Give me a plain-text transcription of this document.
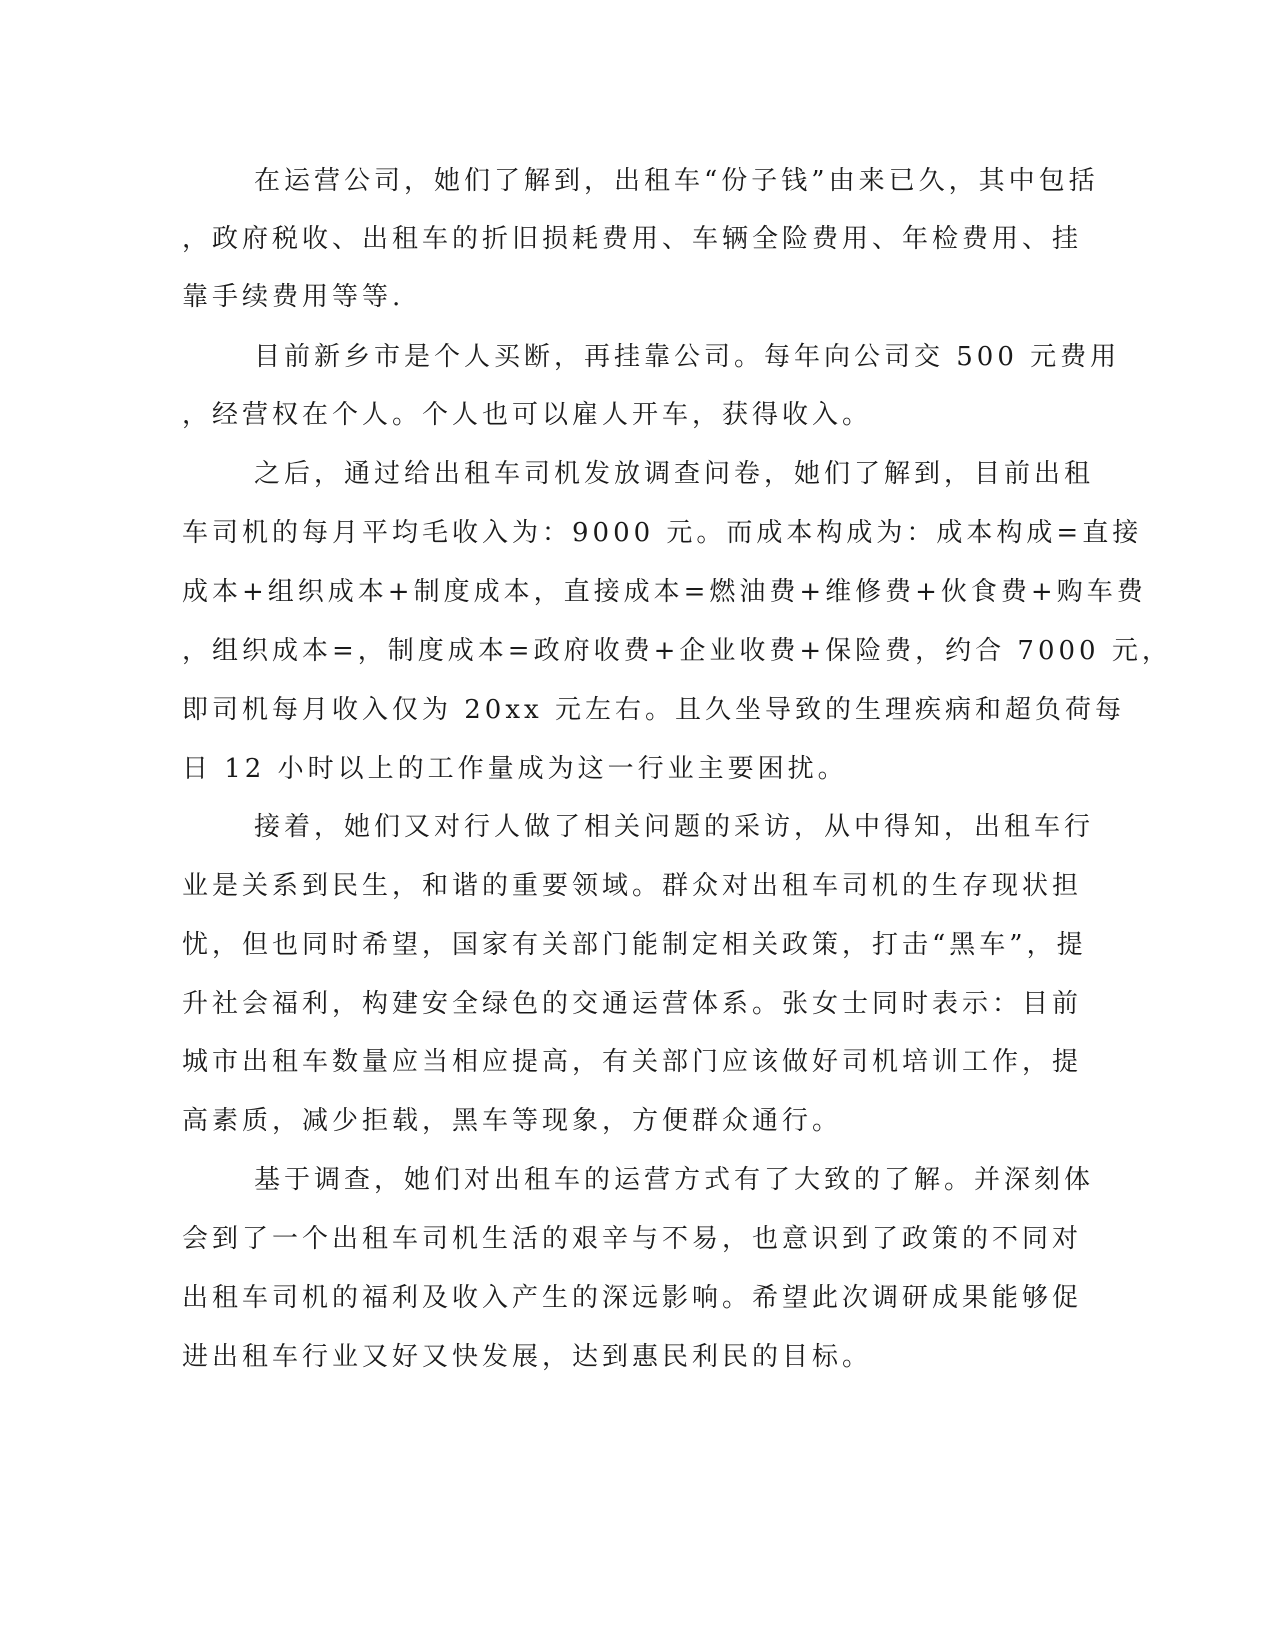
在运营公司，她们了解到，出租车“份子钱”由来已久，其中包括
，政府税收、出租车的折旧损耗费用、车辆全险费用、年检费用、挂
靠手续费用等等.
目前新乡市是个人买断，再挂靠公司。每年向公司交 500 元费用
，经营权在个人。个人也可以雇人开车，获得收入。
之后，通过给出租车司机发放调查问卷，她们了解到，目前出租
车司机的每月平均毛收入为：9000 元。而成本构成为：成本构成=直接
成本+组织成本+制度成本，直接成本=燃油费+维修费+伙食费+购车费
，组织成本=，制度成本=政府收费+企业收费+保险费，约合 7000 元，
即司机每月收入仅为 20xx 元左右。且久坐导致的生理疾病和超负荷每
日 12 小时以上的工作量成为这一行业主要困扰。
接着，她们又对行人做了相关问题的采访，从中得知，出租车行
业是关系到民生，和谐的重要领域。群众对出租车司机的生存现状担
忧，但也同时希望，国家有关部门能制定相关政策，打击“黑车”，提
升社会福利，构建安全绿色的交通运营体系。张女士同时表示：目前
城市出租车数量应当相应提高，有关部门应该做好司机培训工作，提
高素质，减少拒载，黑车等现象，方便群众通行。
基于调查，她们对出租车的运营方式有了大致的了解。并深刻体
会到了一个出租车司机生活的艰辛与不易，也意识到了政策的不同对
出租车司机的福利及收入产生的深远影响。希望此次调研成果能够促
进出租车行业又好又快发展，达到惠民利民的目标。
